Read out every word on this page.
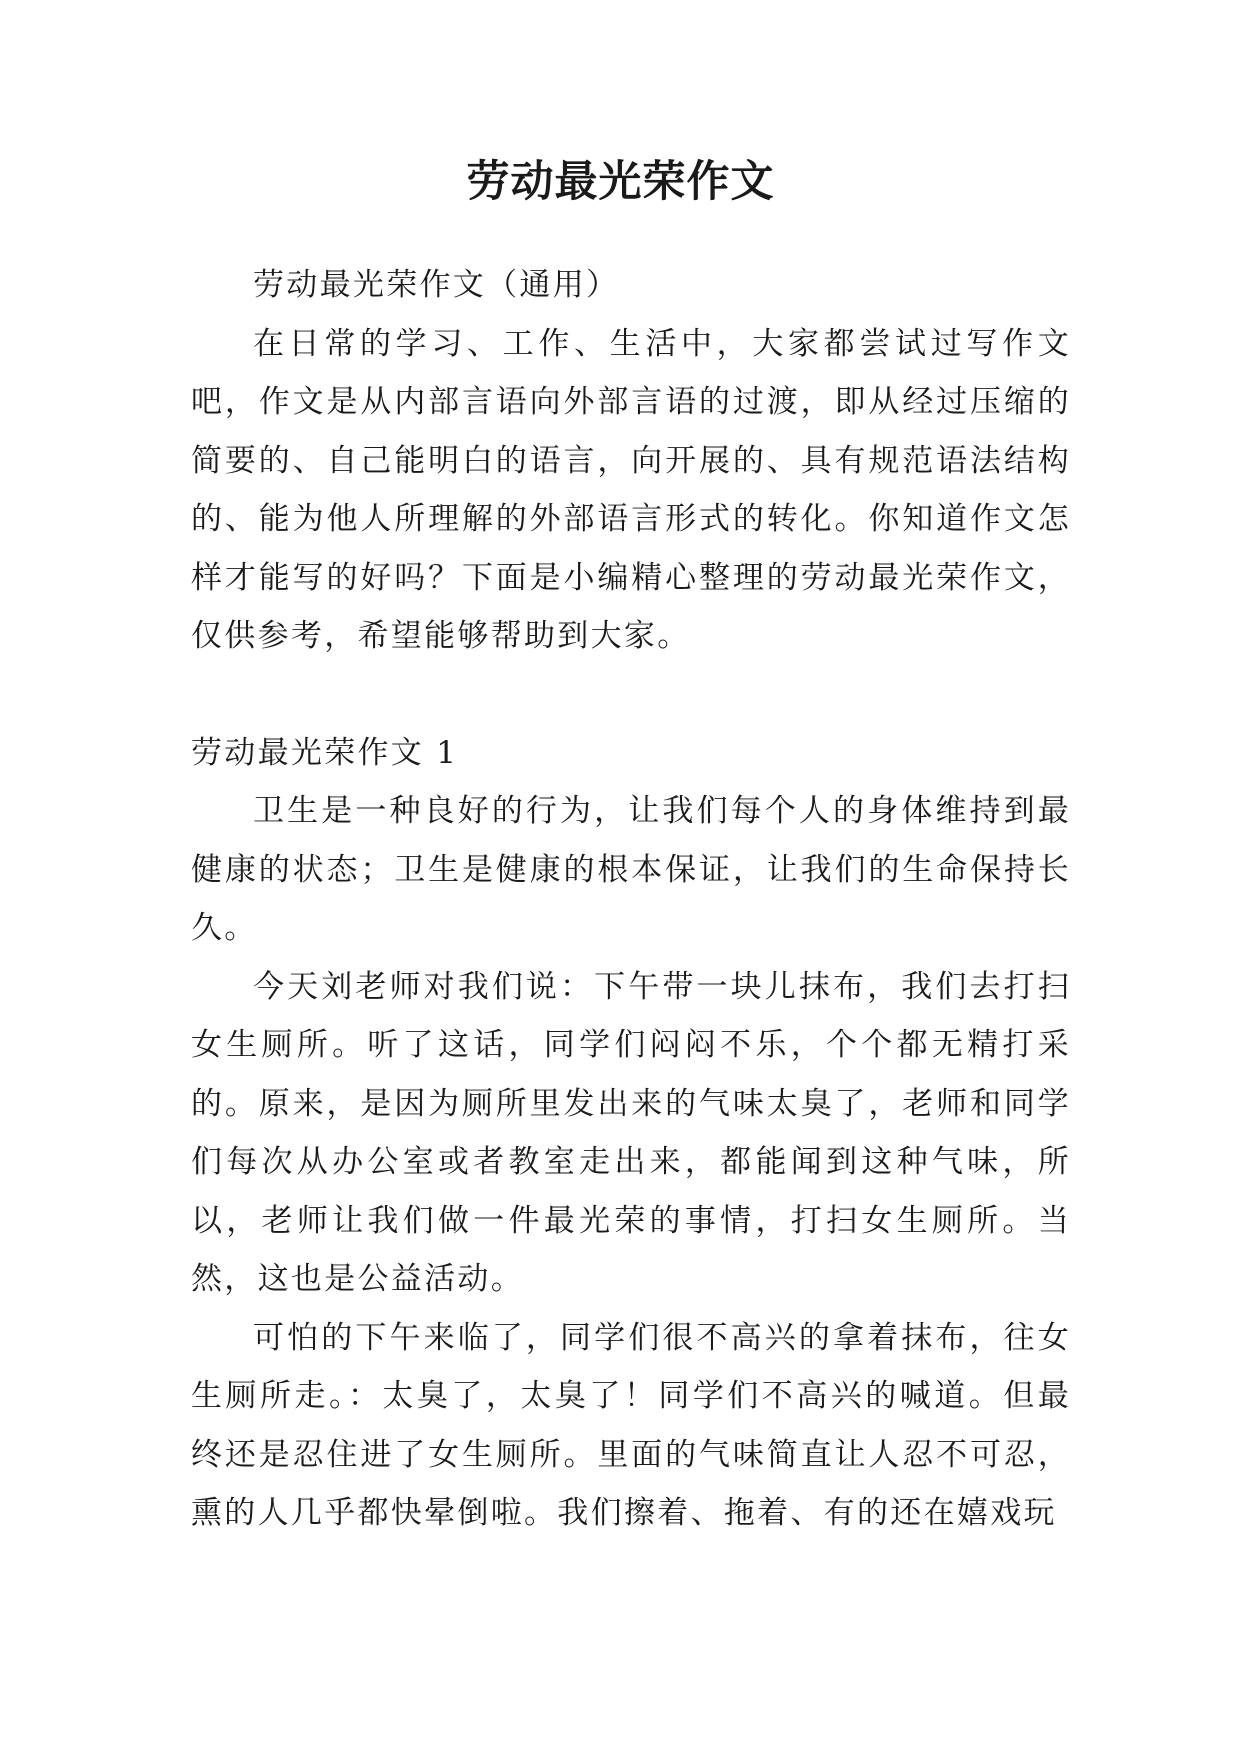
劳动最光荣作文

劳动最光荣作文（通用）

在日常的学习、工作、生活中，大家都尝试过写作文吧，作文是从内部言语向外部言语的过渡，即从经过压缩的简要的、自己能明白的语言，向开展的、具有规范语法结构的、能为他人所理解的外部语言形式的转化。你知道作文怎样才能写的好吗？下面是小编精心整理的劳动最光荣作文，仅供参考，希望能够帮助到大家。

劳动最光荣作文 1

卫生是一种良好的行为，让我们每个人的身体维持到最健康的状态；卫生是健康的根本保证，让我们的生命保持长久。

今天刘老师对我们说：下午带一块儿抹布，我们去打扫女生厕所。听了这话，同学们闷闷不乐，个个都无精打采的。原来，是因为厕所里发出来的气味太臭了，老师和同学们每次从办公室或者教室走出来，都能闻到这种气味，所以，老师让我们做一件最光荣的事情，打扫女生厕所。当然，这也是公益活动。

可怕的下午来临了，同学们很不高兴的拿着抹布，往女生厕所走。：太臭了，太臭了！同学们不高兴的喊道。但最终还是忍住进了女生厕所。里面的气味简直让人忍不可忍，熏的人几乎都快晕倒啦。我们擦着、拖着、有的还在嬉戏玩
